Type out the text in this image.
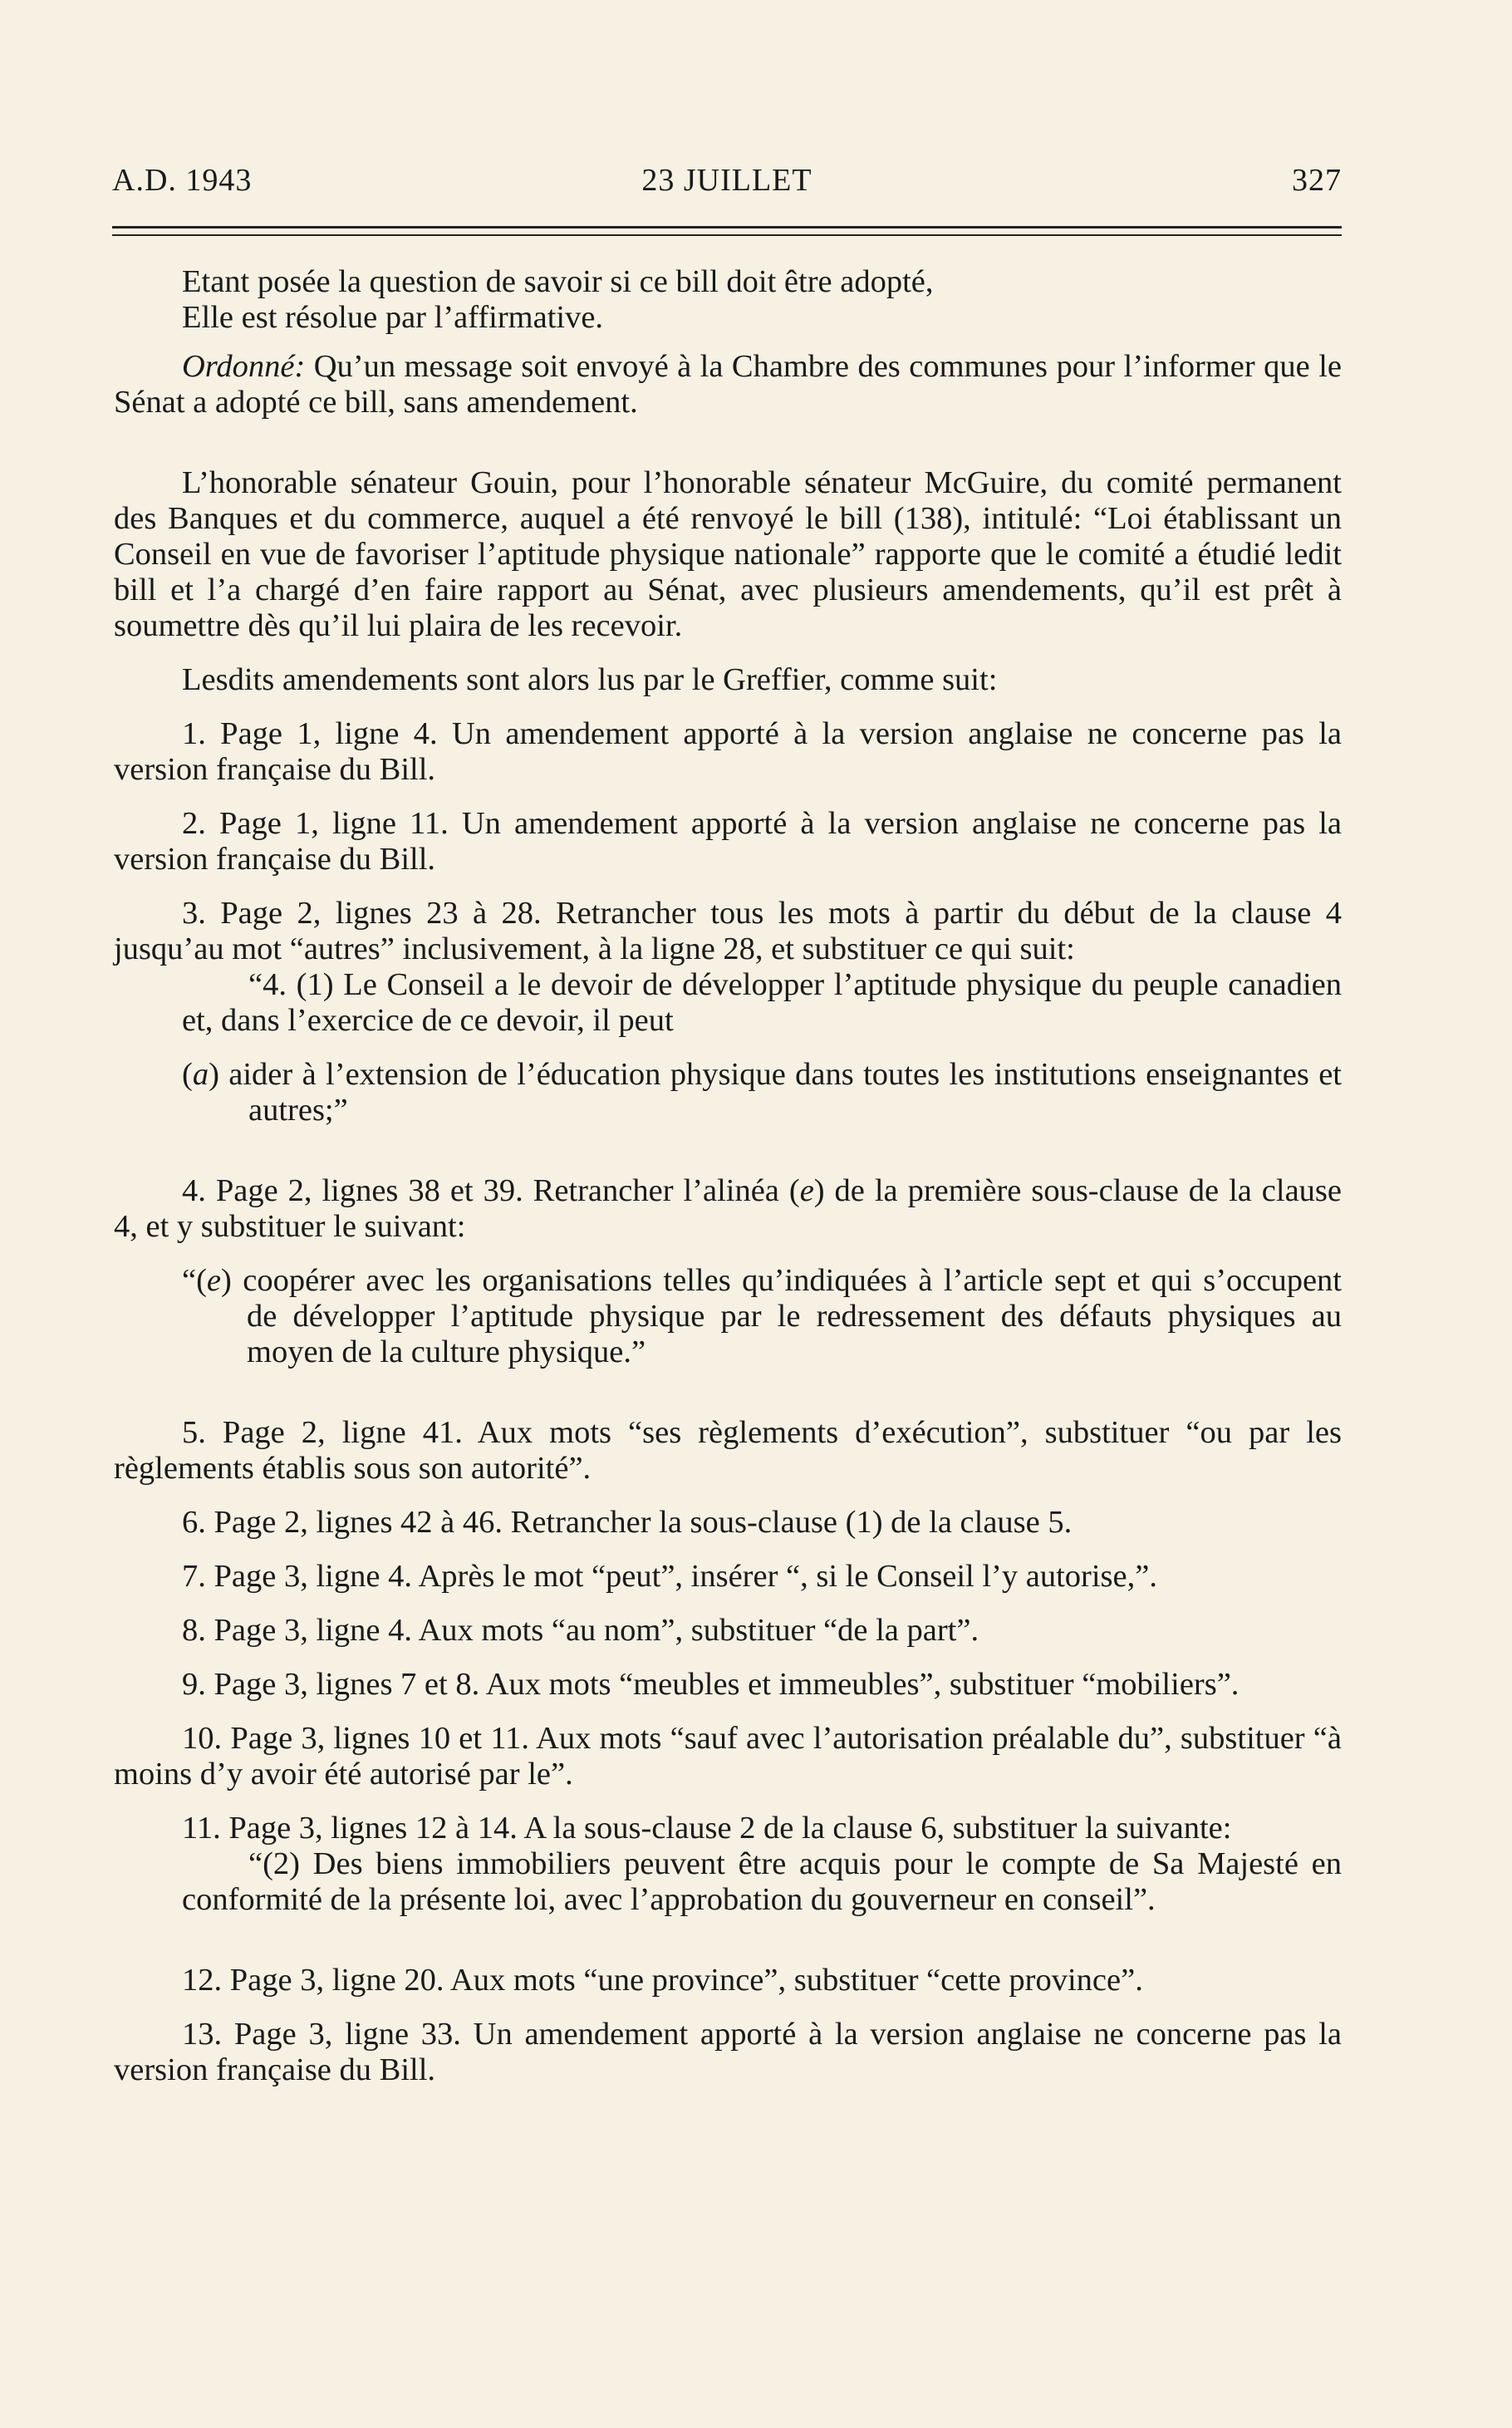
A.D. 1943	23 JUILLET	327

Etant posée la question de savoir si ce bill doit être adopté,

Elle est résolue par l’affirmative.

Ordonné: Qu’un message soit envoyé à la Chambre des communes pour l’informer que le Sénat a adopté ce bill, sans amendement.

L’honorable sénateur Gouin, pour l’honorable sénateur McGuire, du comité permanent des Banques et du commerce, auquel a été renvoyé le bill (138), intitulé: “Loi établissant un Conseil en vue de favoriser l’aptitude physique nationale” rapporte que le comité a étudié ledit bill et l’a chargé d’en faire rapport au Sénat, avec plusieurs amendements, qu’il est prêt à soumettre dès qu’il lui plaira de les recevoir.

Lesdits amendements sont alors lus par le Greffier, comme suit:

1. Page 1, ligne 4. Un amendement apporté à la version anglaise ne concerne pas la version française du Bill.

2. Page 1, ligne 11. Un amendement apporté à la version anglaise ne concerne pas la version française du Bill.

3. Page 2, lignes 23 à 28. Retrancher tous les mots à partir du début de la clause 4 jusqu’au mot “autres” inclusivement, à la ligne 28, et substituer ce qui suit:

“4. (1) Le Conseil a le devoir de développer l’aptitude physique du peuple canadien et, dans l’exercice de ce devoir, il peut

(a) aider à l’extension de l’éducation physique dans toutes les institutions enseignantes et autres;”

4. Page 2, lignes 38 et 39. Retrancher l’alinéa (e) de la première sous-clause de la clause 4, et y substituer le suivant:

“(e) coopérer avec les organisations telles qu’indiquées à l’article sept et qui s’occupent de développer l’aptitude physique par le redressement des défauts physiques au moyen de la culture physique.”

5. Page 2, ligne 41. Aux mots “ses règlements d’exécution”, substituer “ou par les règlements établis sous son autorité”.

6. Page 2, lignes 42 à 46. Retrancher la sous-clause (1) de la clause 5.

7. Page 3, ligne 4. Après le mot “peut”, insérer “, si le Conseil l’y autorise,”.

8. Page 3, ligne 4. Aux mots “au nom”, substituer “de la part”.

9. Page 3, lignes 7 et 8. Aux mots “meubles et immeubles”, substituer “mobiliers”.

10. Page 3, lignes 10 et 11. Aux mots “sauf avec l’autorisation préalable du”, substituer “à moins d’y avoir été autorisé par le”.

11. Page 3, lignes 12 à 14. A la sous-clause 2 de la clause 6, substituer la suivante:

“(2) Des biens immobiliers peuvent être acquis pour le compte de Sa Majesté en conformité de la présente loi, avec l’approbation du gouverneur en conseil”.

12. Page 3, ligne 20. Aux mots “une province”, substituer “cette province”.

13. Page 3, ligne 33. Un amendement apporté à la version anglaise ne concerne pas la version française du Bill.
